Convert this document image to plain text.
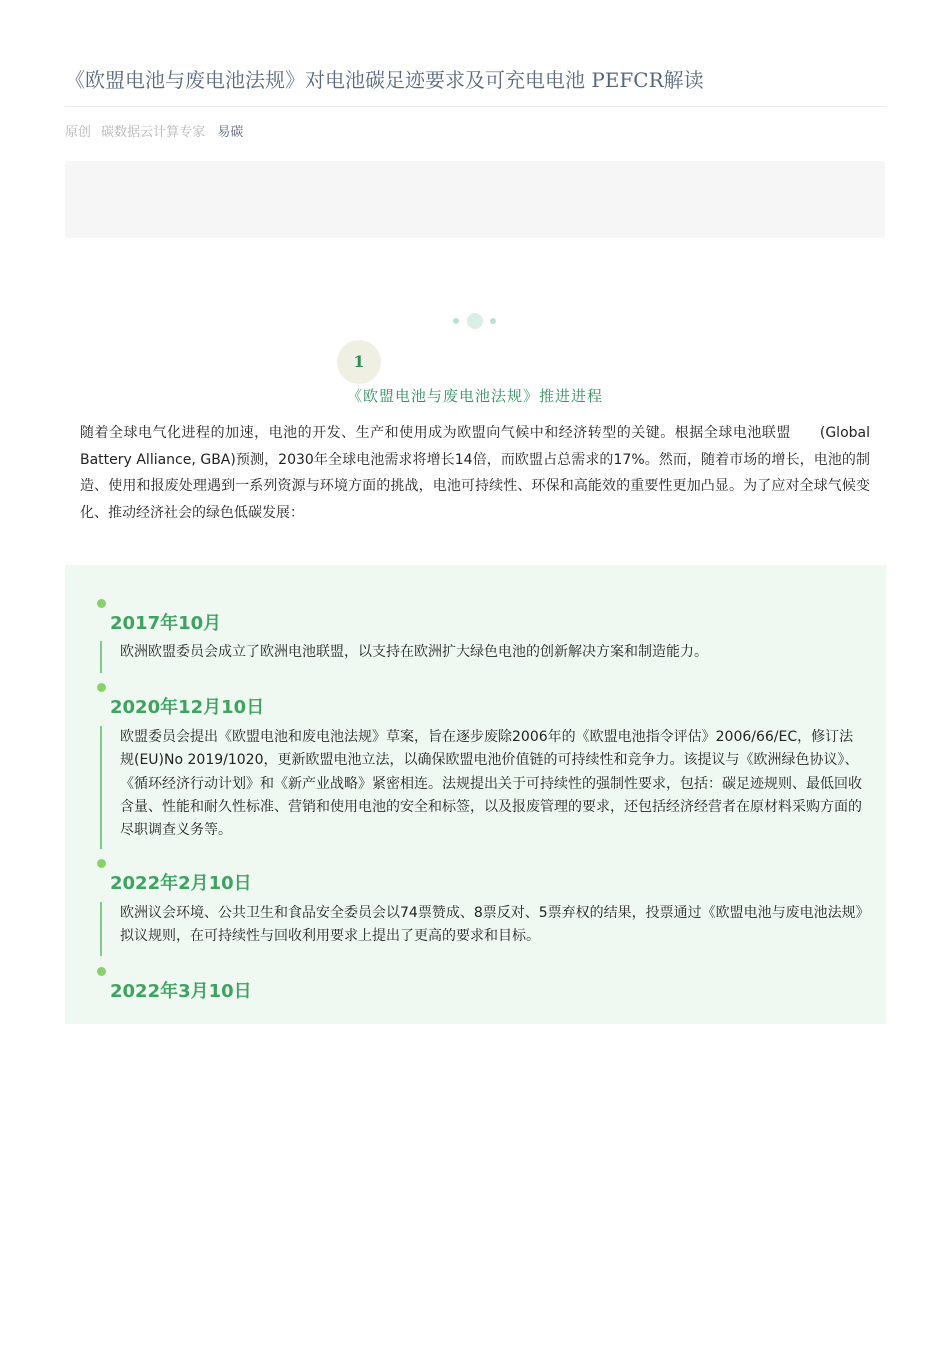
《欧盟电池与废电池法规》对电池碳足迹要求及可充电电池 PEFCR解读
原创 碳数据云计算专家 易碳
1
《欧盟电池与废电池法规》推进进程

随着全球电气化进程的加速，电池的开发、生产和使用成为欧盟向气候中和经济转型的关键。根据全球电池联盟　　(Global Battery Alliance, GBA)预测，2030年全球电池需求将增长14倍，而欧盟占总需求的17%。然而，随着市场的增长，电池的制造、使用和报废处理遇到一系列资源与环境方面的挑战，电池可持续性、环保和高能效的重要性更加凸显。为了应对全球气候变化、推动经济社会的绿色低碳发展：

2017年10月

欧洲欧盟委员会成立了欧洲电池联盟，以支持在欧洲扩大绿色电池的创新解决方案和制造能力。

2020年12月10日

欧盟委员会提出《欧盟电池和废电池法规》草案，旨在逐步废除2006年的《欧盟电池指令评估》2006/66/EC，修订法规(EU)No 2019/1020，更新欧盟电池立法，以确保欧盟电池价值链的可持续性和竞争力。该提议与《欧洲绿色协议》、《循环经济行动计划》和《新产业战略》紧密相连。法规提出关于可持续性的强制性要求，包括：碳足迹规则、最低回收含量、性能和耐久性标准、营销和使用电池的安全和标签，以及报废管理的要求，还包括经济经营者在原材料采购方面的尽职调查义务等。

2022年2月10日

欧洲议会环境、公共卫生和食品安全委员会以74票赞成、8票反对、5票弃权的结果，投票通过《欧盟电池与废电池法规》拟议规则，在可持续性与回收利用要求上提出了更高的要求和目标。

2022年3月10日
